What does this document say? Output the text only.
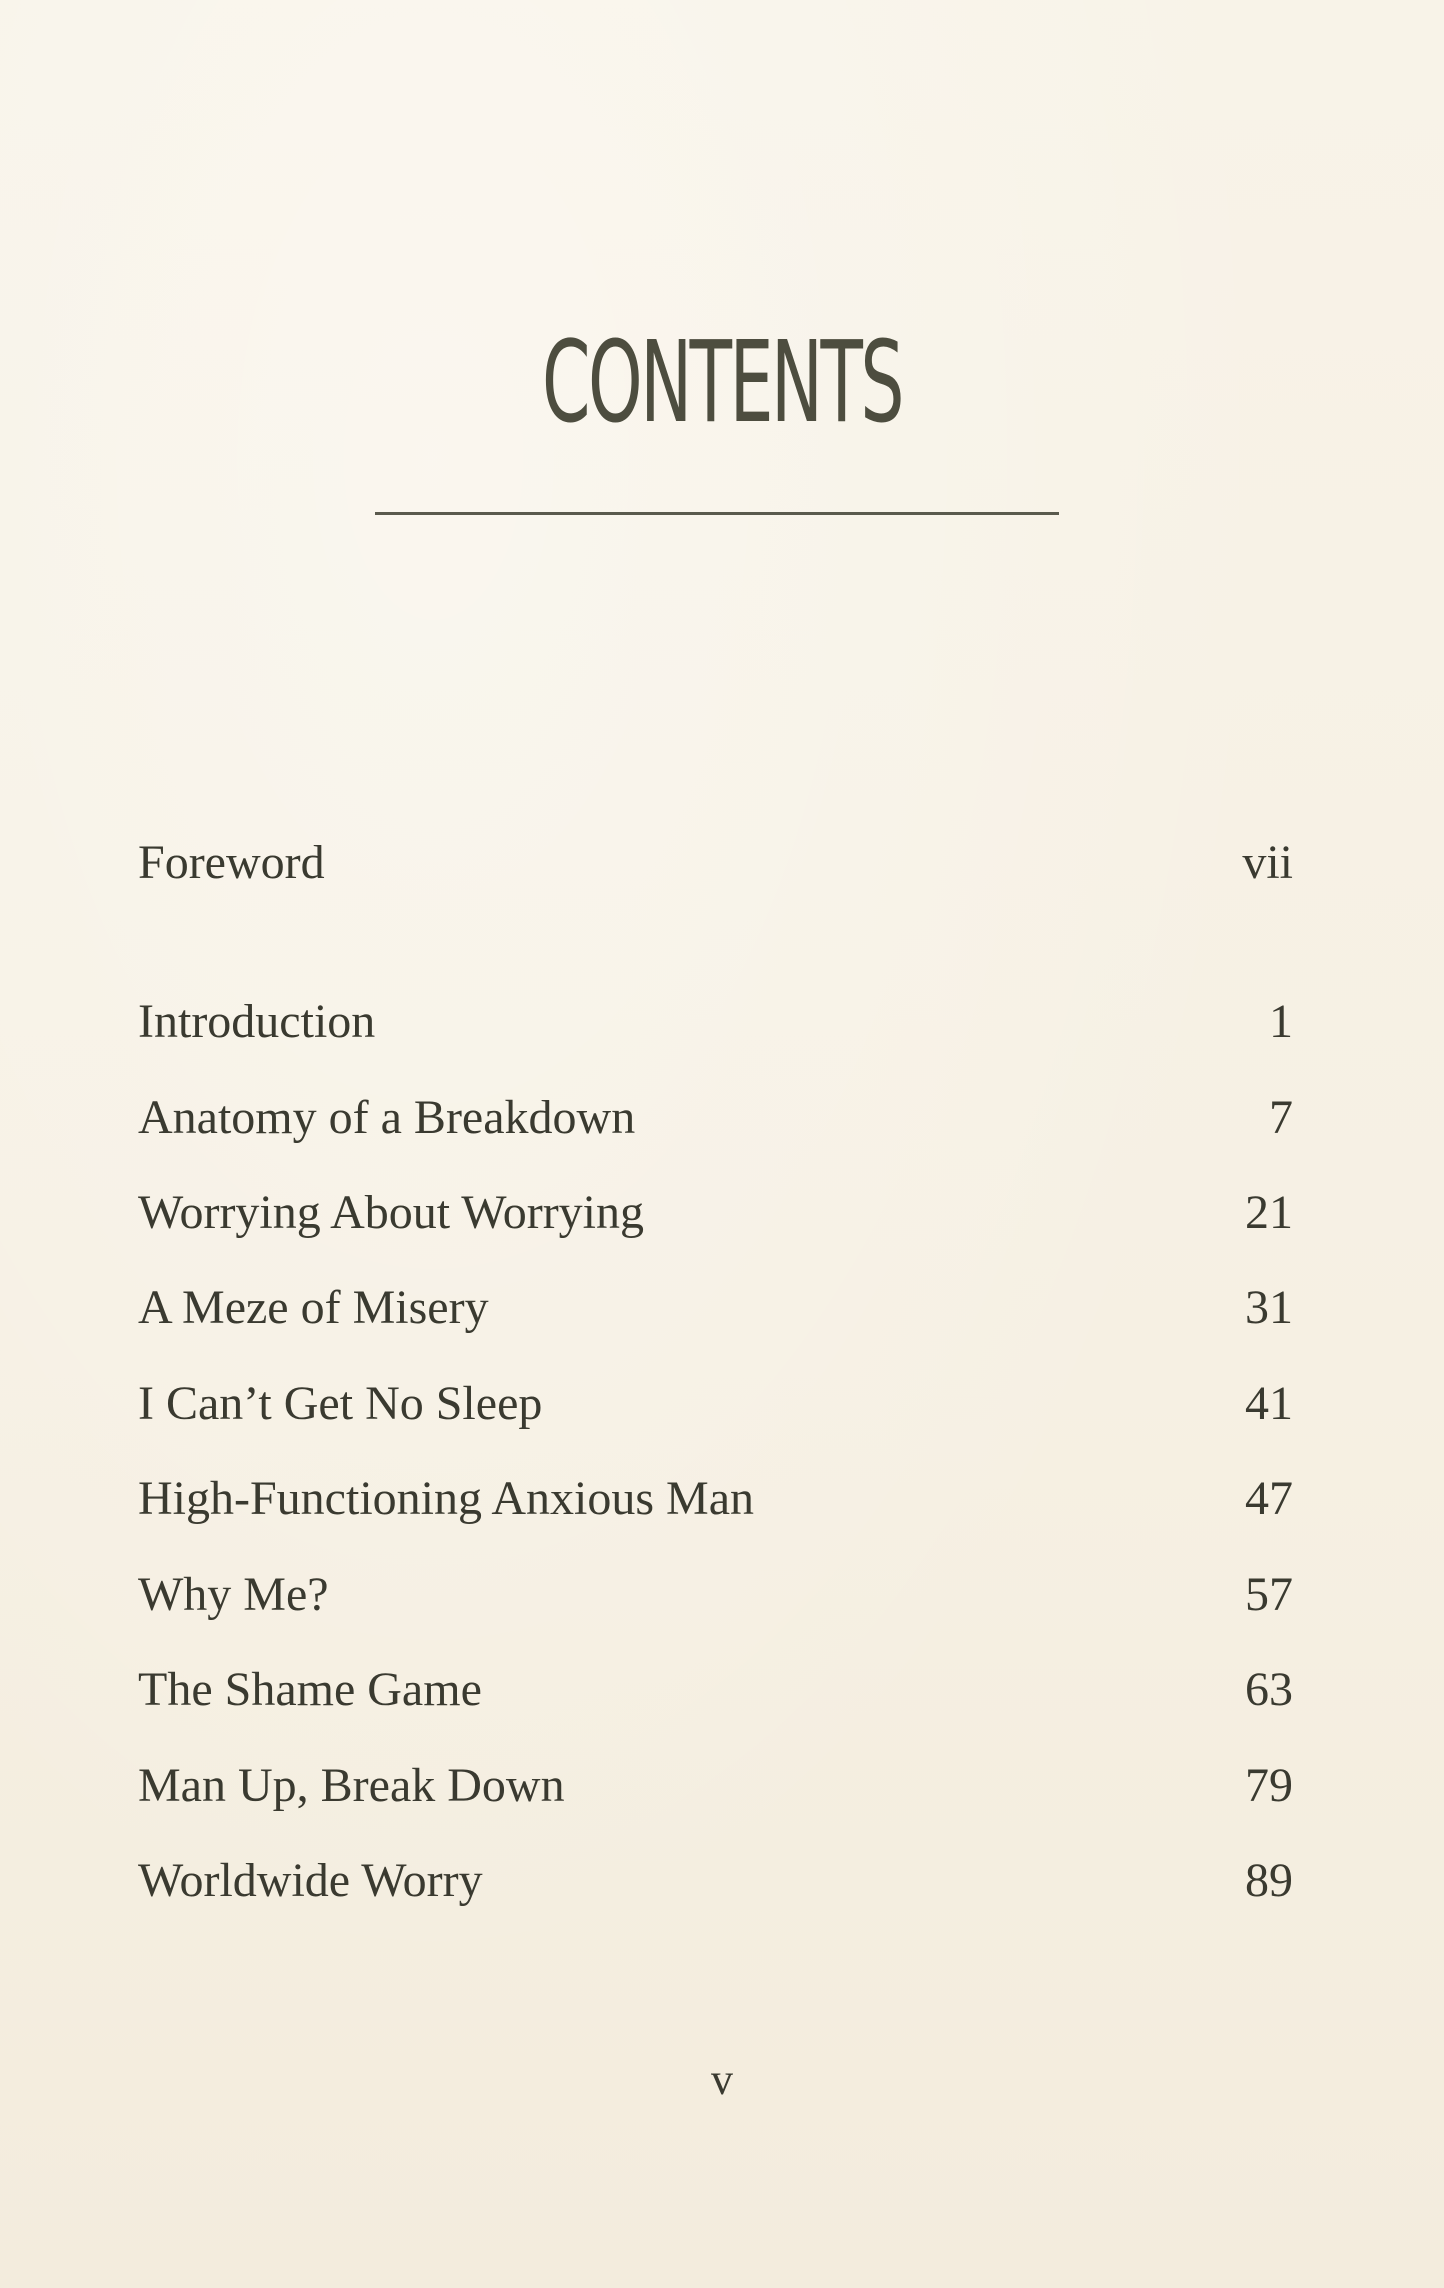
CONTENTS
Foreword	vii
Introduction	1
Anatomy of a Breakdown	7
Worrying About Worrying	21
A Meze of Misery	31
I Can’t Get No Sleep	41
High-Functioning Anxious Man	47
Why Me?	57
The Shame Game	63
Man Up, Break Down	79
Worldwide Worry	89
v
